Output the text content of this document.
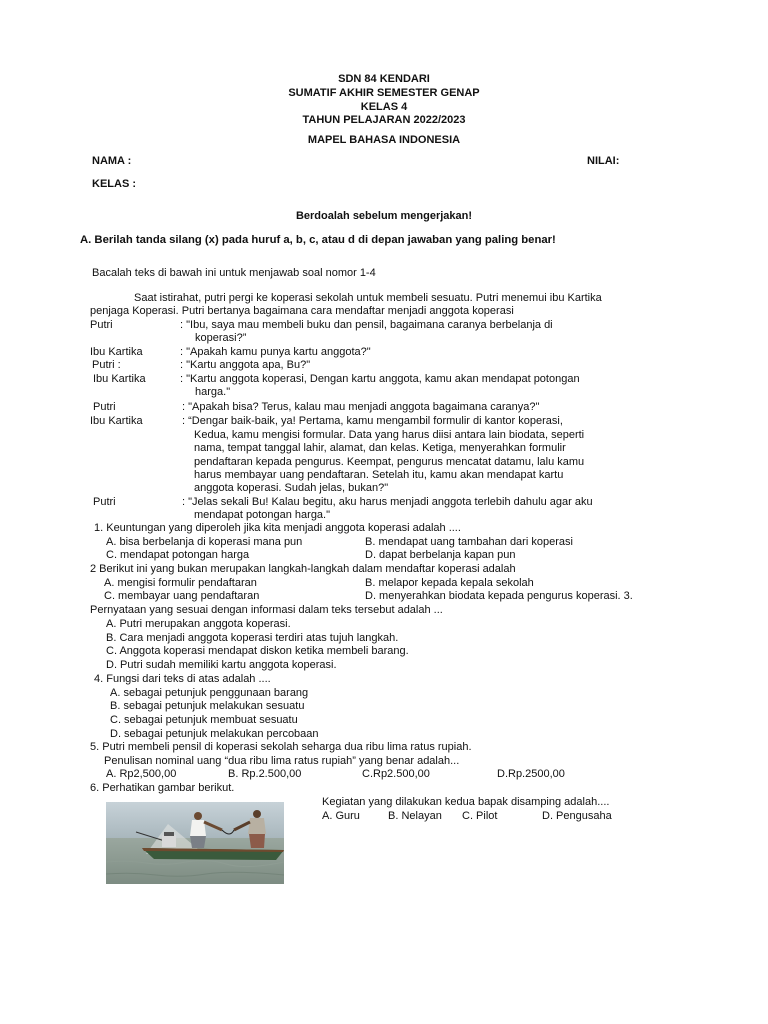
SDN 84 KENDARI
SUMATIF AKHIR SEMESTER GENAP
KELAS 4
TAHUN PELAJARAN 2022/2023
MAPEL BAHASA INDONESIA
NAMA :	NILAI:
KELAS :
Berdoalah sebelum mengerjakan!
A. Berilah tanda silang (x) pada huruf a, b, c, atau d di depan jawaban yang paling benar!
Bacalah teks di bawah ini untuk menjawab soal nomor 1-4
Saat istirahat, putri pergi ke koperasi sekolah untuk membeli sesuatu. Putri menemui ibu Kartika
penjaga Koperasi. Putri bertanya bagaimana cara mendaftar menjadi anggota koperasi
Putri	: "Ibu, saya mau membeli buku dan pensil, bagaimana caranya berbelanja di
koperasi?”
Ibu Kartika	: "Apakah kamu punya kartu anggota?"
Putri :	: "Kartu anggota apa, Bu?"
Ibu Kartika	: "Kartu anggota koperasi, Dengan kartu anggota, kamu akan mendapat potongan
harga."
Putri	: "Apakah bisa? Terus, kalau mau menjadi anggota bagaimana caranya?"
Ibu Kartika	: “Dengar baik-baik, ya! Pertama, kamu mengambil formulir di kantor koperasi,
Kedua, kamu mengisi formular. Data yang harus diisi antara lain biodata, seperti
nama, tempat tanggal lahir, alamat, dan kelas. Ketiga, menyerahkan formulir
pendaftaran kepada pengurus. Keempat, pengurus mencatat datamu, lalu kamu
harus membayar uang pendaftaran. Setelah itu, kamu akan mendapat kartu
anggota koperasi. Sudah jelas, bukan?"
Putri	: "Jelas sekali Bu! Kalau begitu, aku harus menjadi anggota terlebih dahulu agar aku
mendapat potongan harga."
1. Keuntungan yang diperoleh jika kita menjadi anggota koperasi adalah ....
A. bisa berbelanja di koperasi mana pun	B. mendapat uang tambahan dari koperasi
C. mendapat potongan harga	D. dapat berbelanja kapan pun
2 Berikut ini yang bukan merupakan langkah-langkah dalam mendaftar koperasi adalah
A. mengisi formulir pendaftaran	B. melapor kepada kepala sekolah
C. membayar uang pendaftaran	D. menyerahkan biodata kepada pengurus koperasi. 3.
Pernyataan yang sesuai dengan informasi dalam teks tersebut adalah ...
A. Putri merupakan anggota koperasi.
B. Cara menjadi anggota koperasi terdiri atas tujuh langkah.
C. Anggota koperasi mendapat diskon ketika membeli barang.
D. Putri sudah memiliki kartu anggota koperasi.
4. Fungsi dari teks di atas adalah ....
A. sebagai petunjuk penggunaan barang
B. sebagai petunjuk melakukan sesuatu
C. sebagai petunjuk membuat sesuatu
D. sebagai petunjuk melakukan percobaan
5. Putri membeli pensil di koperasi sekolah seharga dua ribu lima ratus rupiah.
Penulisan nominal uang “dua ribu lima ratus rupiah” yang benar adalah...
A. Rp2,500,00	B. Rp.2.500,00	C.Rp2.500,00	D.Rp.2500,00
6. Perhatikan gambar berikut.
Kegiatan yang dilakukan kedua bapak disamping adalah....
A. Guru	B. Nelayan C. Pilot	D. Pengusaha
